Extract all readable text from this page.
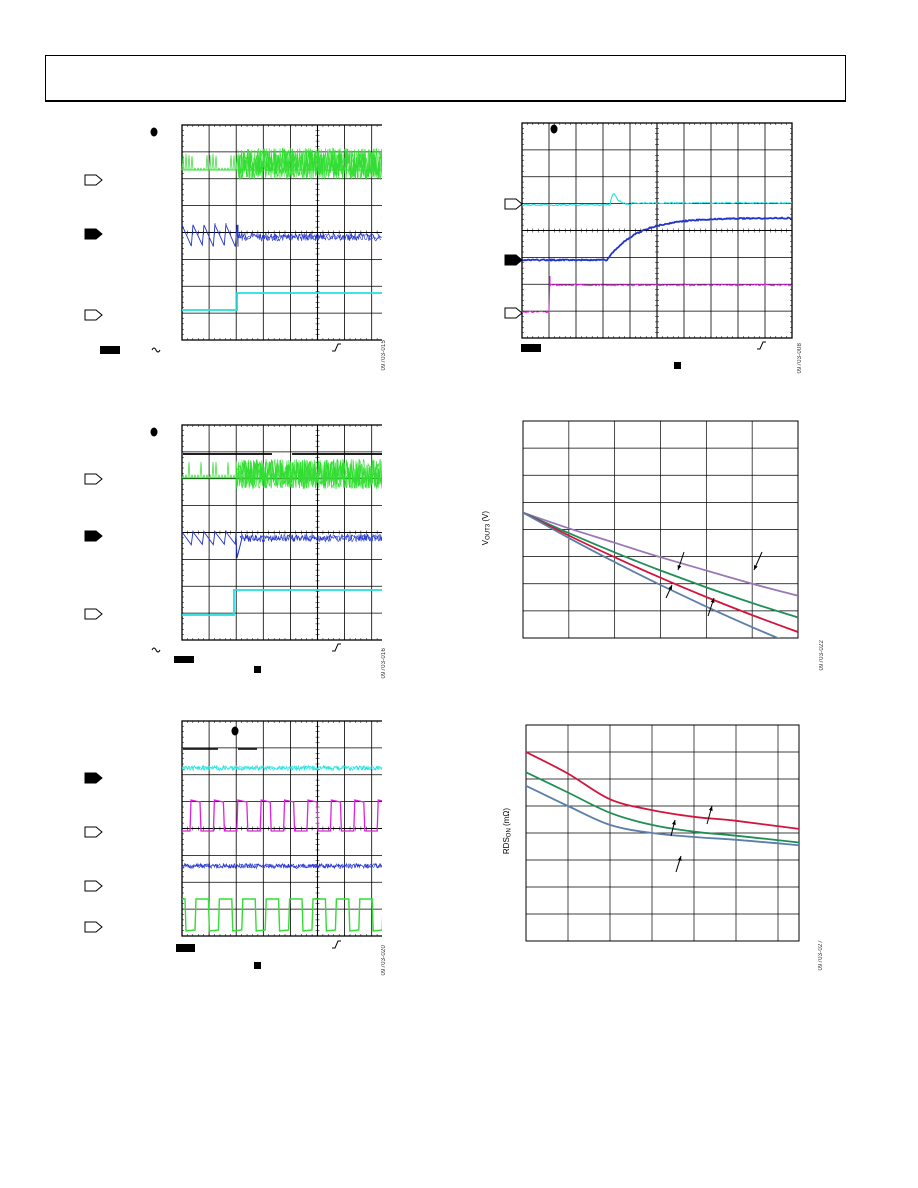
09703-015
09703-016
09703-020
09703-008
$V_{OUT3}$ (V)
09703-022
$RDS_{ON}$ (mΩ)
09703-027
